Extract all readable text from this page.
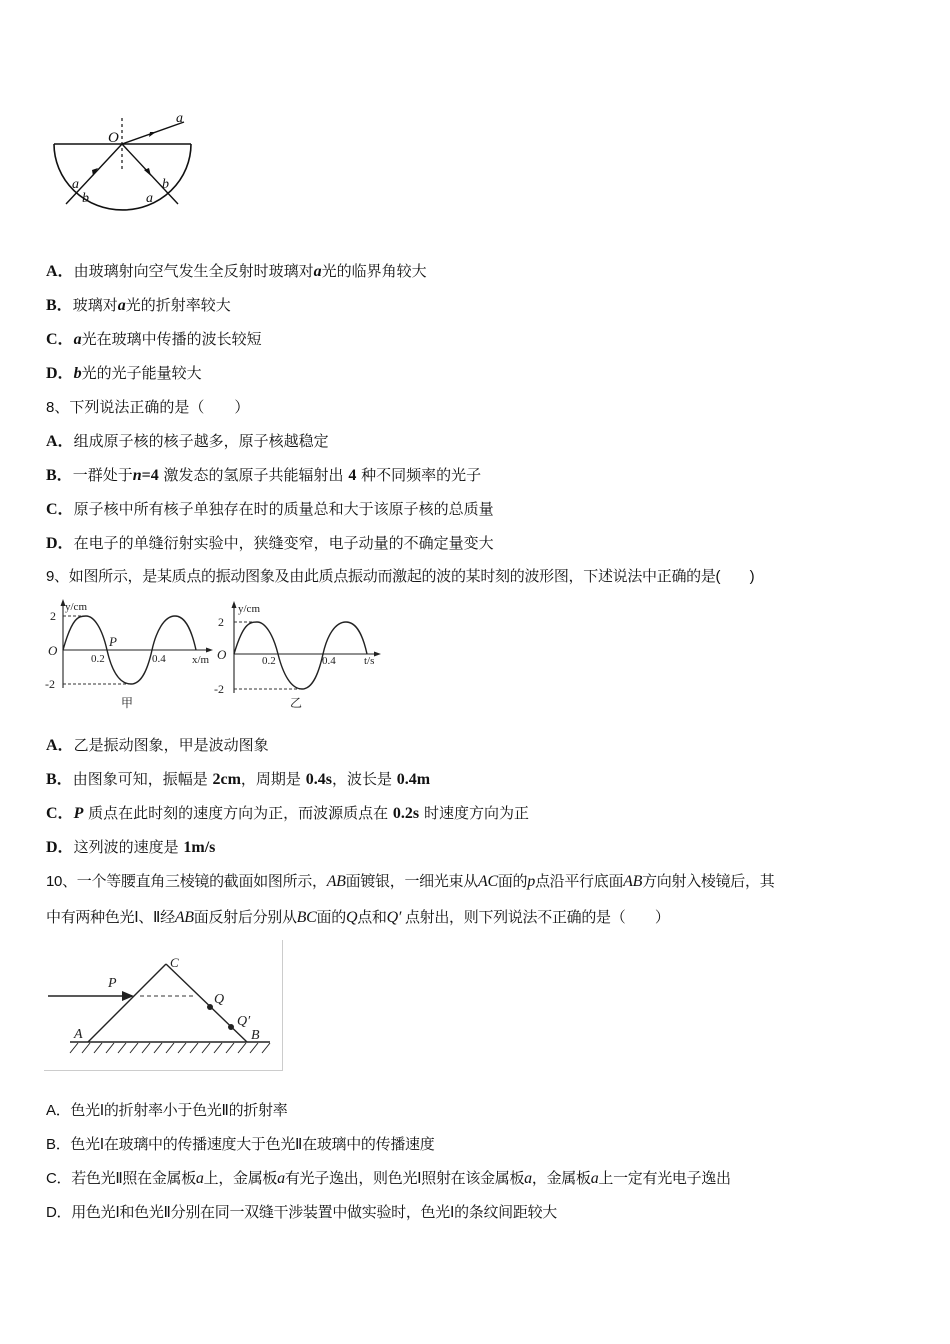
O
a
a
b	a
b
A．由玻璃射向空气发生全反射时玻璃对a光的临界角较大
B．玻璃对a光的折射率较大
C．a光在玻璃中传播的波长较短
D．b光的光子能量较大
8、下列说法正确的是（　　）
A．组成原子核的核子越多，原子核越稳定
B．一群处于n=4 激发态的氢原子共能辐射出 4 种不同频率的光子
C．原子核中所有核子单独存在时的质量总和大于该原子核的总质量
D．在电子的单缝衍射实验中，狭缝变窄，电子动量的不确定量变大
9、如图所示，是某质点的振动图象及由此质点振动而激起的波的某时刻的波形图，下述说法中正确的是(　　)
y/cm
2
-2
O
P
0.2	0.4 x/m
甲
y/cm
2
-2
O	0.2	0.4	t/s
乙
A．乙是振动图象，甲是波动图象
B．由图象可知，振幅是 2cm，周期是 0.4s，波长是 0.4m
C．P 质点在此时刻的速度方向为正，而波源质点在 0.2s 时速度方向为正
D．这列波的速度是 1m/s
10、一个等腰直角三棱镜的截面如图所示，AB面镀银，一细光束从AC面的p点沿平行底面AB方向射入棱镜后，其
中有两种色光Ⅰ、Ⅱ经AB面反射后分别从BC面的Q点和Q′ 点射出，则下列说法不正确的是（　　）
A	B
C
P
Q
Q′
A．色光Ⅰ的折射率小于色光Ⅱ的折射率
B．色光Ⅰ在玻璃中的传播速度大于色光Ⅱ在玻璃中的传播速度
C．若色光Ⅱ照在金属板a上，金属板a有光子逸出，则色光Ⅰ照射在该金属板a，金属板a上一定有光电子逸出
D．用色光Ⅰ和色光Ⅱ分别在同一双缝干涉装置中做实验时，色光Ⅰ的条纹间距较大
